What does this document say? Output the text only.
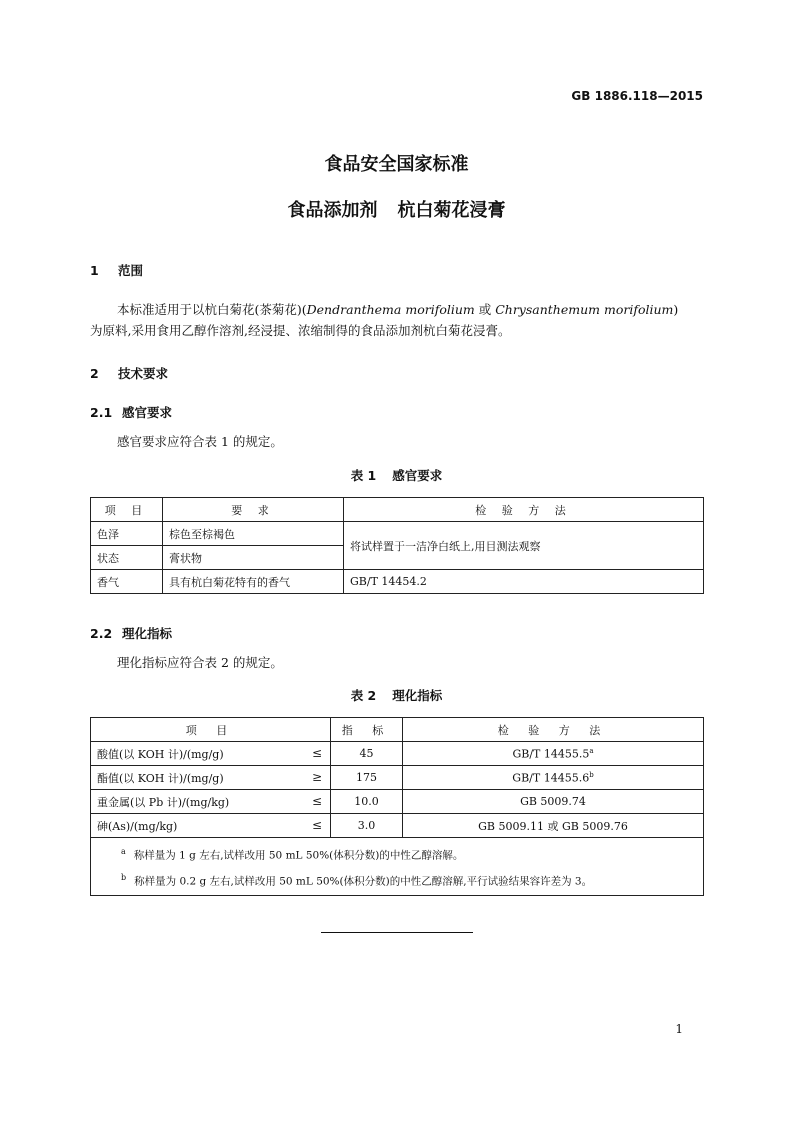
GB 1886.118—2015
食品安全国家标准
食品添加剂 杭白菊花浸膏
1 范围
本标准适用于以杭白菊花(茶菊花)(Dendranthema morifolium 或 Chrysanthemum morifolium)
为原料,采用食用乙醇作溶剂,经浸提、浓缩制得的食品添加剂杭白菊花浸膏。
2 技术要求
2.1 感官要求
感官要求应符合表 1 的规定。
表 1 感官要求
项 目	要 求	检 验 方 法
色泽	棕色至棕褐色	将试样置于一洁净白纸上,用目测法观察
状态	膏状物	
香气	具有杭白菊花特有的香气	GB/T 14454.2
2.2 理化指标
理化指标应符合表 2 的规定。
表 2 理化指标
项 目	指 标	检 验 方 法
酸值(以 KOH 计)/(mg/g) ≤	45	GB/T 14455.5$^a$
酯值(以 KOH 计)/(mg/g) ≥	175	GB/T 14455.6$^b$
重金属(以 Pb 计)/(mg/kg) ≤	10.0	GB 5009.74
砷(As)/(mg/kg) ≤	3.0	GB 5009.11 或 GB 5009.76

$^a$ 称样量为 1 g 左右,试样改用 50 mL 50%(体积分数)的中性乙醇溶解。
$^b$ 称样量为 0.2 g 左右,试样改用 50 mL 50%(体积分数)的中性乙醇溶解,平行试验结果容许差为 3。		
1
